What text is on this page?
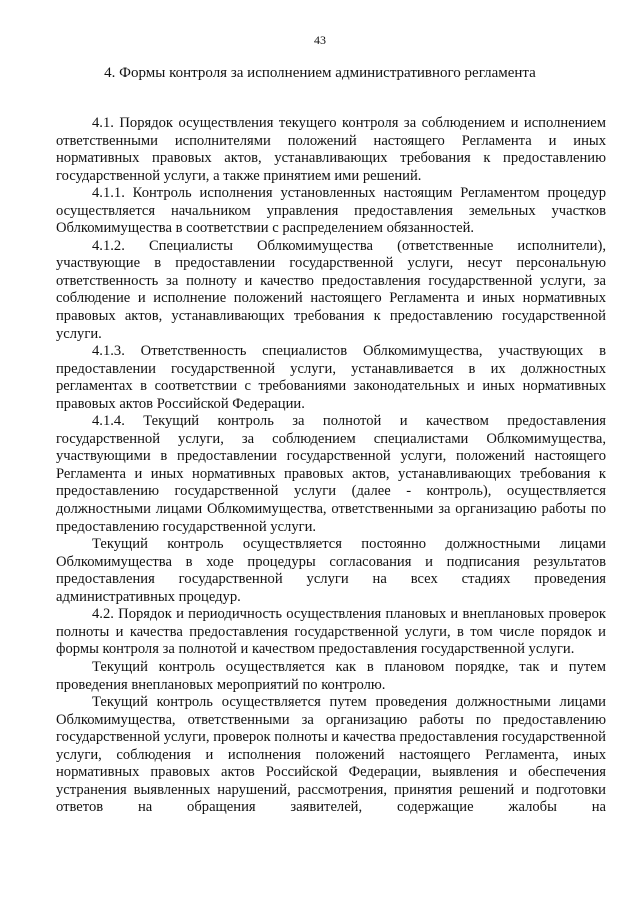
43
4. Формы контроля за исполнением административного регламента

4.1. Порядок осуществления текущего контроля за соблюдением и исполнением ответственными исполнителями положений настоящего Регламента и иных нормативных правовых актов, устанавливающих требования к предоставлению государственной услуги, а также принятием ими решений.

4.1.1. Контроль исполнения установленных настоящим Регламентом процедур осуществляется начальником управления предоставления земельных участков Облкомимущества в соответствии с распределением обязанностей.

4.1.2. Специалисты Облкомимущества (ответственные исполнители), участвующие в предоставлении государственной услуги, несут персональную ответственность за полноту и качество предоставления государственной услуги, за соблюдение и исполнение положений настоящего Регламента и иных нормативных правовых актов, устанавливающих требования к предоставлению государственной услуги.

4.1.3. Ответственность специалистов Облкомимущества, участвующих в предоставлении государственной услуги, устанавливается в их должностных регламентах в соответствии с требованиями законодательных и иных нормативных правовых актов Российской Федерации.

4.1.4. Текущий контроль за полнотой и качеством предоставления государственной услуги, за соблюдением специалистами Облкомимущества, участвующими в предоставлении государственной услуги, положений настоящего Регламента и иных нормативных правовых актов, устанавливающих требования к предоставлению государственной услуги (далее - контроль), осуществляется должностными лицами Облкомимущества, ответственными за организацию работы по предоставлению государственной услуги.

Текущий контроль осуществляется постоянно должностными лицами Облкомимущества в ходе процедуры согласования и подписания результатов предоставления государственной услуги на всех стадиях проведения административных процедур.

4.2. Порядок и периодичность осуществления плановых и внеплановых проверок полноты и качества предоставления государственной услуги, в том числе порядок и формы контроля за полнотой и качеством предоставления государственной услуги.

Текущий контроль осуществляется как в плановом порядке, так и путем проведения внеплановых мероприятий по контролю.

Текущий контроль осуществляется путем проведения должностными лицами Облкомимущества, ответственными за организацию работы по предоставлению государственной услуги, проверок полноты и качества предоставления государственной услуги, соблюдения и исполнения положений настоящего Регламента, иных нормативных правовых актов Российской Федерации, выявления и обеспечения устранения выявленных нарушений, рассмотрения, принятия решений и подготовки ответов на обращения заявителей, содержащие жалобы на
